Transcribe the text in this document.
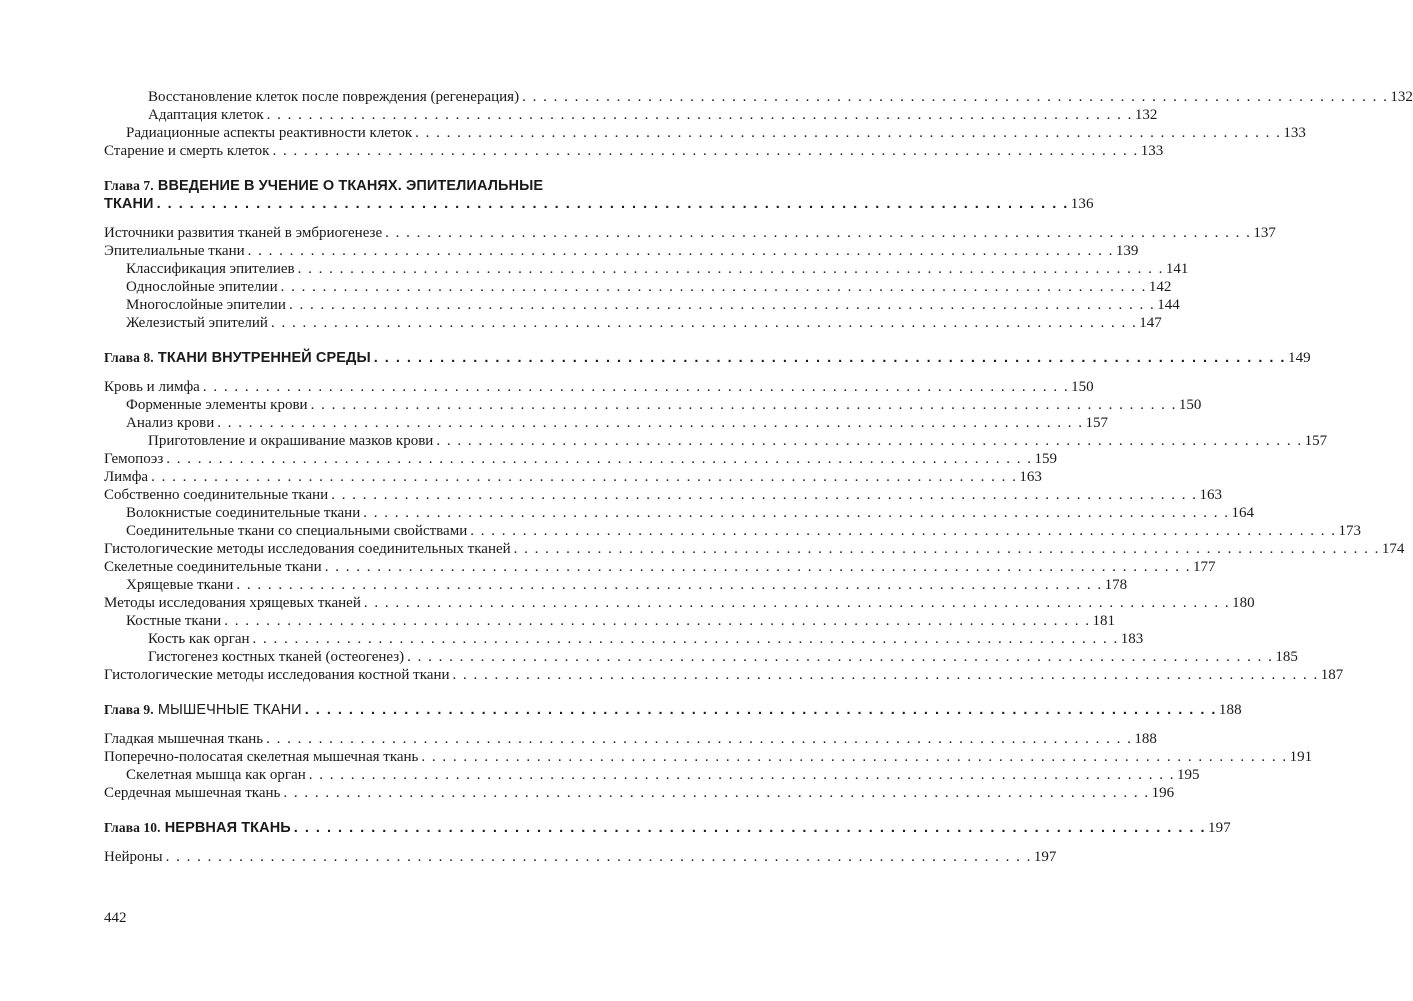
Восстановление клеток после повреждения (регенерация) . . . . . . . . . . . . . . . . . . . . . . . . . . . . . . . . . . . . . . . . . . . . . . . . . . . . . . . . . . . . . . . . . . . . . . . . . . . . . . . . . . . 132
Адаптация клеток . . . . . . . . . . . . . . . . . . . . . . . . . . . . . . . . . . . . . . . . . . . . . . . . . . . . . . . . . . . . . . . . . . . . . . . . . . . . . . . . . . . 132
Радиационные аспекты реактивности клеток . . . . . . . . . . . . . . . . . . . . . . . . . . . . . . . . . . . . . . . . . . . . . . . . . . . . . . . . . . . . . . . . . . . . . . . . . . . . . . . . . . . 133
Старение и смерть клеток . . . . . . . . . . . . . . . . . . . . . . . . . . . . . . . . . . . . . . . . . . . . . . . . . . . . . . . . . . . . . . . . . . . . . . . . . . . . . . . . . . . 133
Глава 7. ВВЕДЕНИЕ В УЧЕНИЕ О ТКАНЯХ. ЭПИТЕЛИАЛЬНЫЕ
ТКАНИ . . . . . . . . . . . . . . . . . . . . . . . . . . . . . . . . . . . . . . . . . . . . . . . . . . . . . . . . . . . . . . . . . . . . . . . . . . . . . . . . . . . 136
Источники развития тканей в эмбриогенезе . . . . . . . . . . . . . . . . . . . . . . . . . . . . . . . . . . . . . . . . . . . . . . . . . . . . . . . . . . . . . . . . . . . . . . . . . . . . . . . . . . . 137
Эпителиальные ткани . . . . . . . . . . . . . . . . . . . . . . . . . . . . . . . . . . . . . . . . . . . . . . . . . . . . . . . . . . . . . . . . . . . . . . . . . . . . . . . . . . . 139
Классификация эпителиев . . . . . . . . . . . . . . . . . . . . . . . . . . . . . . . . . . . . . . . . . . . . . . . . . . . . . . . . . . . . . . . . . . . . . . . . . . . . . . . . . . . 141
Однослойные эпителии . . . . . . . . . . . . . . . . . . . . . . . . . . . . . . . . . . . . . . . . . . . . . . . . . . . . . . . . . . . . . . . . . . . . . . . . . . . . . . . . . . . 142
Многослойные эпителии . . . . . . . . . . . . . . . . . . . . . . . . . . . . . . . . . . . . . . . . . . . . . . . . . . . . . . . . . . . . . . . . . . . . . . . . . . . . . . . . . . . 144
Железистый эпителий . . . . . . . . . . . . . . . . . . . . . . . . . . . . . . . . . . . . . . . . . . . . . . . . . . . . . . . . . . . . . . . . . . . . . . . . . . . . . . . . . . . 147
Глава 8. ТКАНИ ВНУТРЕННЕЙ СРЕДЫ . . . . . . . . . . . . . . . . . . . . . . . . . . . . . . . . . . . . . . . . . . . . . . . . . . . . . . . . . . . . . . . . . . . . . . . . . . . . . . . . . . . 149
Кровь и лимфа . . . . . . . . . . . . . . . . . . . . . . . . . . . . . . . . . . . . . . . . . . . . . . . . . . . . . . . . . . . . . . . . . . . . . . . . . . . . . . . . . . . 150
Форменные элементы крови . . . . . . . . . . . . . . . . . . . . . . . . . . . . . . . . . . . . . . . . . . . . . . . . . . . . . . . . . . . . . . . . . . . . . . . . . . . . . . . . . . . 150
Анализ крови . . . . . . . . . . . . . . . . . . . . . . . . . . . . . . . . . . . . . . . . . . . . . . . . . . . . . . . . . . . . . . . . . . . . . . . . . . . . . . . . . . . 157
Приготовление и окрашивание мазков крови . . . . . . . . . . . . . . . . . . . . . . . . . . . . . . . . . . . . . . . . . . . . . . . . . . . . . . . . . . . . . . . . . . . . . . . . . . . . . . . . . . . 157
Гемопоэз . . . . . . . . . . . . . . . . . . . . . . . . . . . . . . . . . . . . . . . . . . . . . . . . . . . . . . . . . . . . . . . . . . . . . . . . . . . . . . . . . . . 159
Лимфа . . . . . . . . . . . . . . . . . . . . . . . . . . . . . . . . . . . . . . . . . . . . . . . . . . . . . . . . . . . . . . . . . . . . . . . . . . . . . . . . . . . 163
Собственно соединительные ткани . . . . . . . . . . . . . . . . . . . . . . . . . . . . . . . . . . . . . . . . . . . . . . . . . . . . . . . . . . . . . . . . . . . . . . . . . . . . . . . . . . . 163
Волокнистые соединительные ткани . . . . . . . . . . . . . . . . . . . . . . . . . . . . . . . . . . . . . . . . . . . . . . . . . . . . . . . . . . . . . . . . . . . . . . . . . . . . . . . . . . . 164
Соединительные ткани со специальными свойствами . . . . . . . . . . . . . . . . . . . . . . . . . . . . . . . . . . . . . . . . . . . . . . . . . . . . . . . . . . . . . . . . . . . . . . . . . . . . . . . . . . . 173
Гистологические методы исследования соединительных тканей . . . . . . . . . . . . . . . . . . . . . . . . . . . . . . . . . . . . . . . . . . . . . . . . . . . . . . . . . . . . . . . . . . . . . . . . . . . . . . . . . . . 174
Скелетные соединительные ткани . . . . . . . . . . . . . . . . . . . . . . . . . . . . . . . . . . . . . . . . . . . . . . . . . . . . . . . . . . . . . . . . . . . . . . . . . . . . . . . . . . . 177
Хрящевые ткани . . . . . . . . . . . . . . . . . . . . . . . . . . . . . . . . . . . . . . . . . . . . . . . . . . . . . . . . . . . . . . . . . . . . . . . . . . . . . . . . . . . 178
Методы исследования хрящевых тканей . . . . . . . . . . . . . . . . . . . . . . . . . . . . . . . . . . . . . . . . . . . . . . . . . . . . . . . . . . . . . . . . . . . . . . . . . . . . . . . . . . . 180
Костные ткани . . . . . . . . . . . . . . . . . . . . . . . . . . . . . . . . . . . . . . . . . . . . . . . . . . . . . . . . . . . . . . . . . . . . . . . . . . . . . . . . . . . 181
Кость как орган . . . . . . . . . . . . . . . . . . . . . . . . . . . . . . . . . . . . . . . . . . . . . . . . . . . . . . . . . . . . . . . . . . . . . . . . . . . . . . . . . . . 183
Гистогенез костных тканей (остеогенез) . . . . . . . . . . . . . . . . . . . . . . . . . . . . . . . . . . . . . . . . . . . . . . . . . . . . . . . . . . . . . . . . . . . . . . . . . . . . . . . . . . . 185
Гистологические методы исследования костной ткани . . . . . . . . . . . . . . . . . . . . . . . . . . . . . . . . . . . . . . . . . . . . . . . . . . . . . . . . . . . . . . . . . . . . . . . . . . . . . . . . . . . 187
Глава 9. МЫШЕЧНЫЕ ТКАНИ . . . . . . . . . . . . . . . . . . . . . . . . . . . . . . . . . . . . . . . . . . . . . . . . . . . . . . . . . . . . . . . . . . . . . . . . . . . . . . . . . . . 188
Гладкая мышечная ткань . . . . . . . . . . . . . . . . . . . . . . . . . . . . . . . . . . . . . . . . . . . . . . . . . . . . . . . . . . . . . . . . . . . . . . . . . . . . . . . . . . . 188
Поперечно-полосатая скелетная мышечная ткань . . . . . . . . . . . . . . . . . . . . . . . . . . . . . . . . . . . . . . . . . . . . . . . . . . . . . . . . . . . . . . . . . . . . . . . . . . . . . . . . . . . 191
Скелетная мышца как орган . . . . . . . . . . . . . . . . . . . . . . . . . . . . . . . . . . . . . . . . . . . . . . . . . . . . . . . . . . . . . . . . . . . . . . . . . . . . . . . . . . . 195
Сердечная мышечная ткань . . . . . . . . . . . . . . . . . . . . . . . . . . . . . . . . . . . . . . . . . . . . . . . . . . . . . . . . . . . . . . . . . . . . . . . . . . . . . . . . . . . 196
Глава 10. НЕРВНАЯ ТКАНЬ . . . . . . . . . . . . . . . . . . . . . . . . . . . . . . . . . . . . . . . . . . . . . . . . . . . . . . . . . . . . . . . . . . . . . . . . . . . . . . . . . . . 197
Нейроны . . . . . . . . . . . . . . . . . . . . . . . . . . . . . . . . . . . . . . . . . . . . . . . . . . . . . . . . . . . . . . . . . . . . . . . . . . . . . . . . . . . 197
442
